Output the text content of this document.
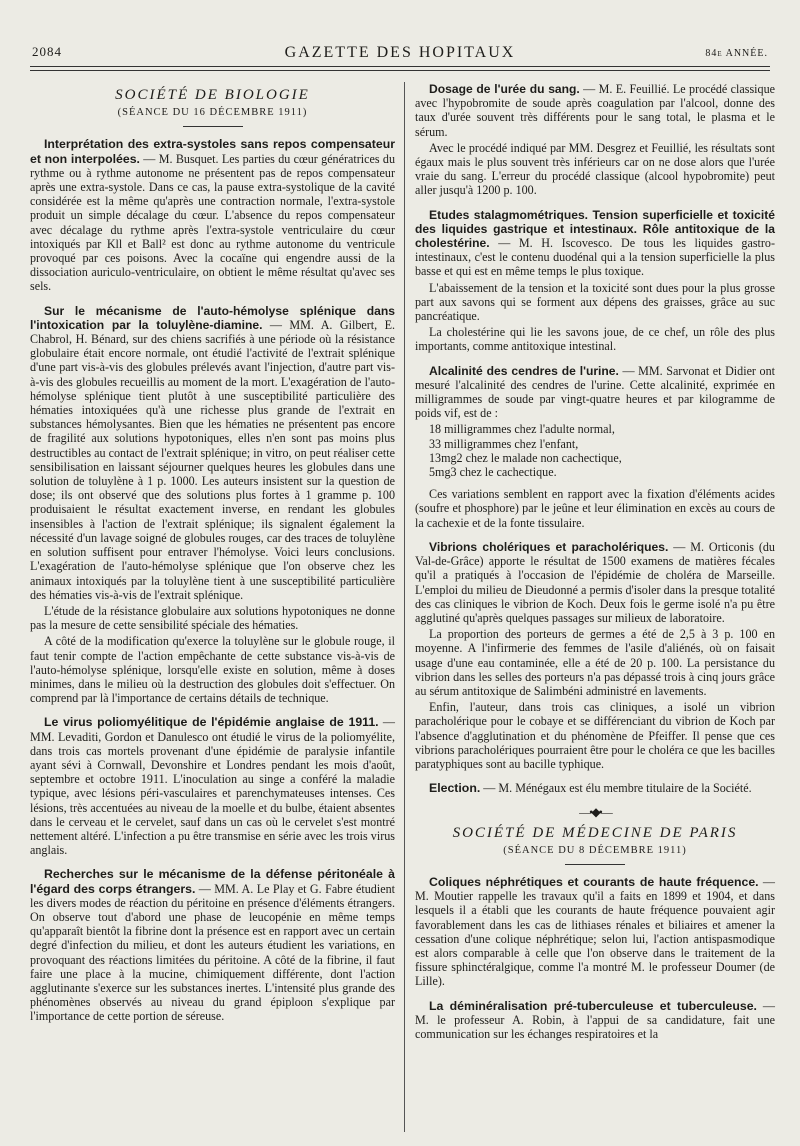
2084	GAZETTE DES HOPITAUX	84e ANNÉE.
SOCIÉTÉ DE BIOLOGIE
(SÉANCE DU 16 DÉCEMBRE 1911)

Interprétation des extra-systoles sans repos compensateur et non interpolées. — M. Busquet. Les parties du cœur génératrices du rythme ou à rythme autonome ne présentent pas de repos compensateur après une extra-systole. Dans ce cas, la pause extra-systolique de la cavité considérée est la même qu'après une contraction normale, l'extra-systole produit un simple décalage du cœur. L'absence du repos compensateur avec décalage du rythme après l'extra-systole ventriculaire du cœur intoxiqués par Kll et Ball² est donc au rythme autonome du ventricule provoqué par ces poisons. Avec la cocaïne qui engendre aussi de la dissociation auriculo-ventriculaire, on obtient le même résultat qu'avec ses sels.

Sur le mécanisme de l'auto-hémolyse splénique dans l'intoxication par la toluylène-diamine. — MM. A. Gilbert, E. Chabrol, H. Bénard, sur des chiens sacrifiés à une période où la résistance globulaire était encore normale, ont étudié l'activité de l'extrait splénique d'une part vis-à-vis des globules prélevés avant l'injection, d'autre part vis-à-vis des globules recueillis au moment de la mort. L'exagération de l'auto-hémolyse splénique tient plutôt à une susceptibilité particulière des hématies intoxiquées qu'à une richesse plus grande de l'extrait en substances hémolysantes. Bien que les hématies ne présentent pas encore de fragilité aux solutions hypotoniques, elles n'en sont pas moins plus destructibles au contact de l'extrait splénique; in vitro, on peut réaliser cette sensibilisation en laissant séjourner quelques heures les globules dans une solution de toluylène à 1 p. 1000. Les auteurs insistent sur la question de dose; ils ont observé que des solutions plus fortes à 1 gramme p. 100 produisaient le résultat exactement inverse, en rendant les globules insensibles à l'action de l'extrait splénique; ils signalent également la nécessité d'un lavage soigné de globules rouges, car des traces de toluylène en solution suffisent pour entraver l'hémolyse. Voici leurs conclusions. L'exagération de l'auto-hémolyse splénique que l'on observe chez les animaux intoxiqués par la toluylène tient à une susceptibilité particulière des hématies vis-à-vis de l'extrait splénique.

L'étude de la résistance globulaire aux solutions hypotoniques ne donne pas la mesure de cette sensibilité spéciale des hématies.

A côté de la modification qu'exerce la toluylène sur le globule rouge, il faut tenir compte de l'action empêchante de cette substance vis-à-vis de l'auto-hémolyse splénique, lorsqu'elle existe en solution, même à doses minimes, dans le milieu où la destruction des globules doit s'effectuer. On comprend par là l'importance de certains détails de technique.

Le virus poliomyélitique de l'épidémie anglaise de 1911. — MM. Levaditi, Gordon et Danulesco ont étudié le virus de la poliomyélite, dans trois cas mortels provenant d'une épidémie de paralysie infantile ayant sévi à Cornwall, Devonshire et Londres pendant les mois d'août, septembre et octobre 1911. L'inoculation au singe a conféré la maladie typique, avec lésions péri-vasculaires et parenchymateuses intenses. Ces lésions, très accentuées au niveau de la moelle et du bulbe, étaient absentes dans le cerveau et le cervelet, sauf dans un cas où le cervelet s'est montré nettement altéré. L'infection a pu être transmise en série avec les trois virus anglais.

Recherches sur le mécanisme de la défense péritonéale à l'égard des corps étrangers. — MM. A. Le Play et G. Fabre étudient les divers modes de réaction du péritoine en présence d'éléments étrangers. On observe tout d'abord une phase de leucopénie en même temps qu'apparaît bientôt la fibrine dont la présence est en rapport avec un certain degré d'infection du milieu, et dont les auteurs étudient les variations, en provoquant des réactions limitées du péritoine. A côté de la fibrine, il faut faire une place à la mucine, chimiquement différente, dont l'action agglutinante s'exerce sur les substances inertes. L'intensité plus grande des phénomènes observés au niveau du grand épiploon s'explique par l'importance de cette portion de séreuse.

Dosage de l'urée du sang. — M. E. Feuillié. Le procédé classique avec l'hypobromite de soude après coagulation par l'alcool, donne des taux d'urée souvent très différents pour le sang total, le plasma et le sérum.

Avec le procédé indiqué par MM. Desgrez et Feuillié, les résultats sont égaux mais le plus souvent très inférieurs car on ne dose alors que l'urée vraie du sang. L'erreur du procédé classique (alcool hypobromite) peut aller jusqu'à 1200 p. 100.

Etudes stalagmométriques. Tension superficielle et toxicité des liquides gastrique et intestinaux. Rôle antitoxique de la cholestérine. — M. H. Iscovesco. De tous les liquides gastro-intestinaux, c'est le contenu duodénal qui a la tension superficielle la plus basse et qui est en même temps le plus toxique.

L'abaissement de la tension et la toxicité sont dues pour la plus grosse part aux savons qui se forment aux dépens des graisses, grâce au suc pancréatique.

La cholestérine qui lie les savons joue, de ce chef, un rôle des plus importants, comme antitoxique intestinal.

Alcalinité des cendres de l'urine. — MM. Sarvonat et Didier ont mesuré l'alcalinité des cendres de l'urine. Cette alcalinité, exprimée en milligrammes de soude par vingt-quatre heures et par kilogramme de poids vif, est de :

18 milligrammes chez l'adulte normal,
33 milligrammes chez l'enfant,
13mg2 chez le malade non cachectique,
5mg3 chez le cachectique.

Ces variations semblent en rapport avec la fixation d'éléments acides (soufre et phosphore) par le jeûne et leur élimination en excès au cours de la cachexie et de la fonte tissulaire.

Vibrions cholériques et paracholériques. — M. Orticonis (du Val-de-Grâce) apporte le résultat de 1500 examens de matières fécales qu'il a pratiqués à l'occasion de l'épidémie de choléra de Marseille. L'emploi du milieu de Dieudonné a permis d'isoler dans la presque totalité des cas cliniques le vibrion de Koch. Deux fois le germe isolé n'a pu être agglutiné qu'après quelques passages sur milieux de laboratoire.

La proportion des porteurs de germes a été de 2,5 à 3 p. 100 en moyenne. A l'infirmerie des femmes de l'asile d'aliénés, où on faisait usage d'une eau contaminée, elle a été de 20 p. 100. La persistance du vibrion dans les selles des porteurs n'a pas dépassé trois à cinq jours grâce au sérum antitoxique de Salimbéni administré en lavements.

Enfin, l'auteur, dans trois cas cliniques, a isolé un vibrion paracholérique pour le cobaye et se différenciant du vibrion de Koch par l'absence d'agglutination et du phénomène de Pfeiffer. Il pense que ces vibrions paracholériques pourraient être pour le choléra ce que les bacilles paratyphiques sont au bacille typhique.

Election. — M. Ménégaux est élu membre titulaire de la Société.

—•◆•—
SOCIÉTÉ DE MÉDECINE DE PARIS
(SÉANCE DU 8 DÉCEMBRE 1911)

Coliques néphrétiques et courants de haute fréquence. — M. Moutier rappelle les travaux qu'il a faits en 1899 et 1904, et dans lesquels il a établi que les courants de haute fréquence pouvaient agir favorablement dans les cas de lithiases rénales et biliaires et amener la cessation d'une colique néphrétique; selon lui, l'action antispasmodique est alors comparable à celle que l'on observe dans le traitement de la fissure sphinctéralgique, comme l'a montré M. le professeur Doumer (de Lille).

La déminéralisation pré-tuberculeuse et tuberculeuse. — M. le professeur A. Robin, à l'appui de sa candidature, fait une communication sur les échanges respiratoires et la
